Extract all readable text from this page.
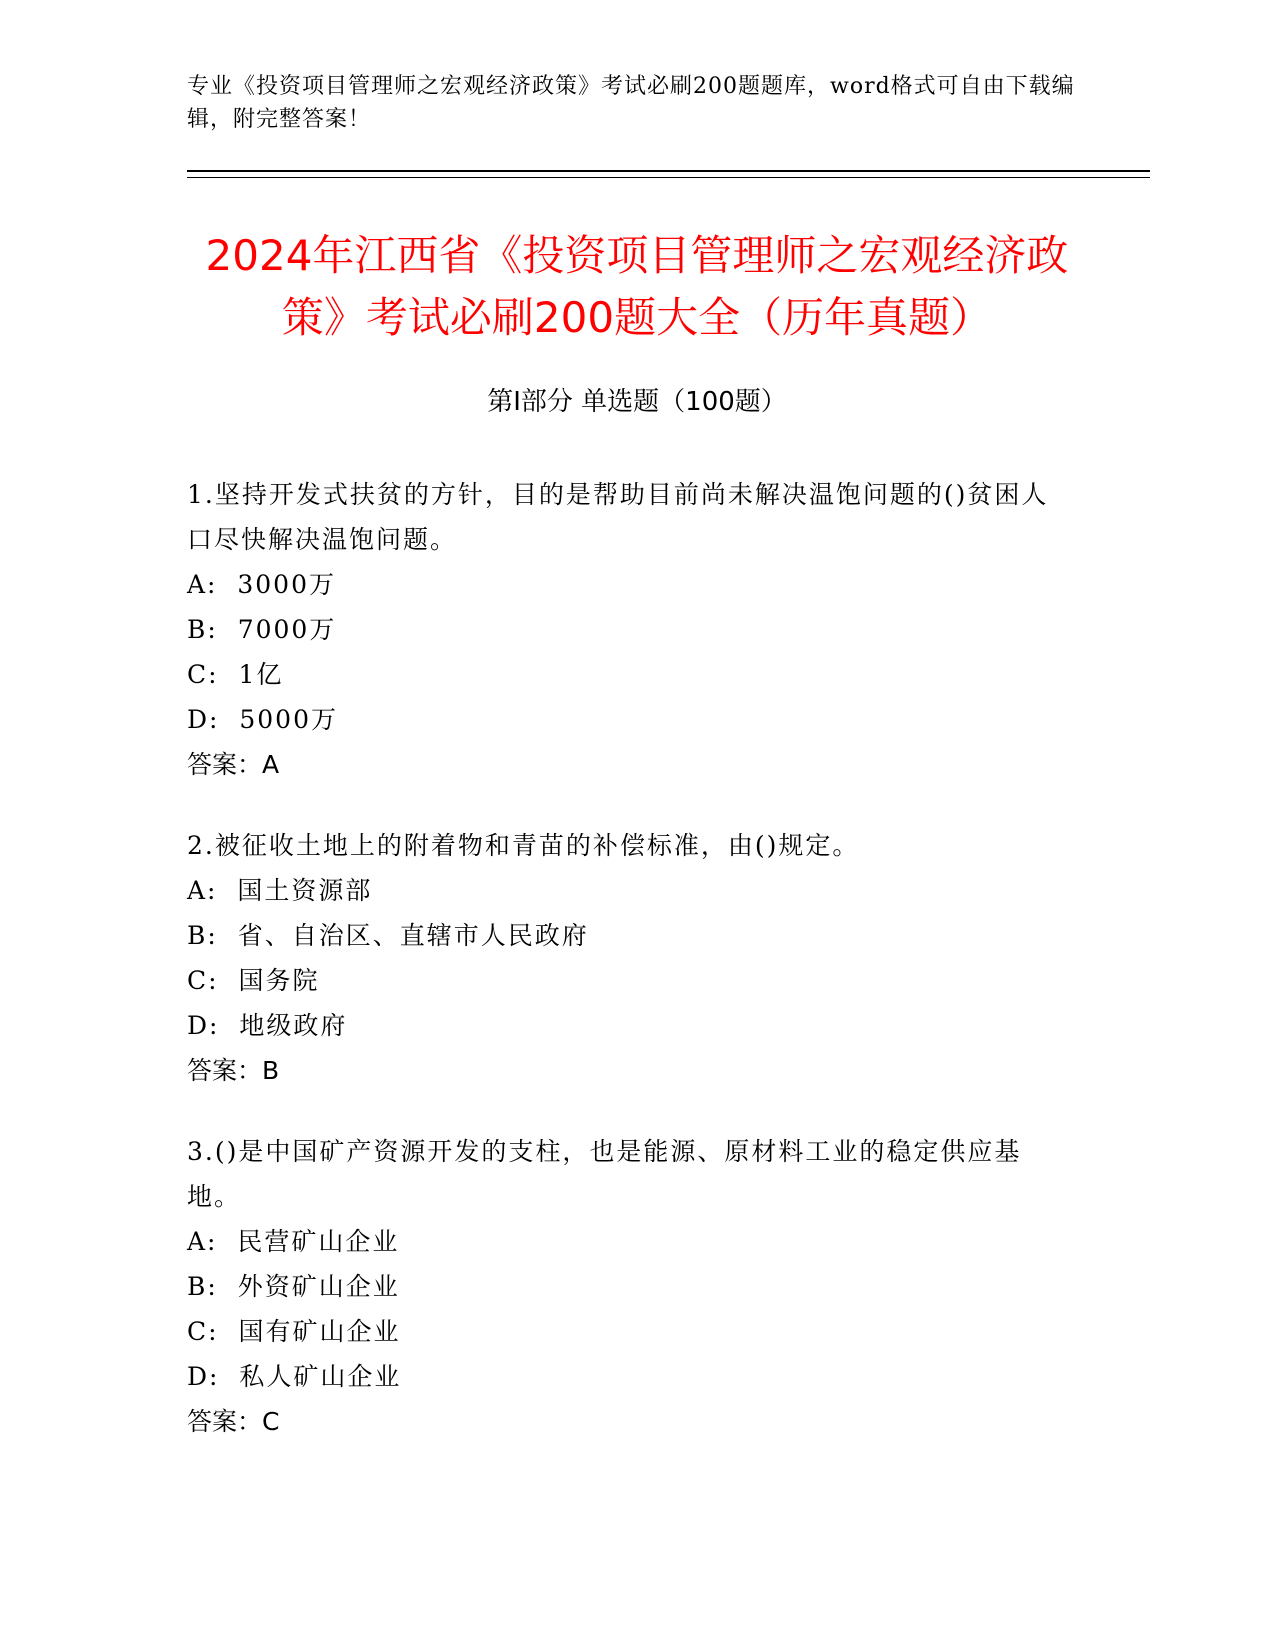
专业《投资项目管理师之宏观经济政策》考试必刷200题题库，word格式可自由下载编辑，附完整答案！
2024年江西省《投资项目管理师之宏观经济政策》考试必刷200题大全（历年真题）
第Ⅰ部分 单选题（100题）

1.坚持开发式扶贫的方针，目的是帮助目前尚未解决温饱问题的()贫困人口尽快解决温饱问题。

A:  3000万

B:  7000万

C:  1亿

D:  5000万

答案：A

2.被征收土地上的附着物和青苗的补偿标准，由()规定。

A:  国土资源部

B:  省、自治区、直辖市人民政府

C:  国务院

D:  地级政府

答案：B

3.()是中国矿产资源开发的支柱，也是能源、原材料工业的稳定供应基地。

A:  民营矿山企业

B:  外资矿山企业

C:  国有矿山企业

D:  私人矿山企业

答案：C
